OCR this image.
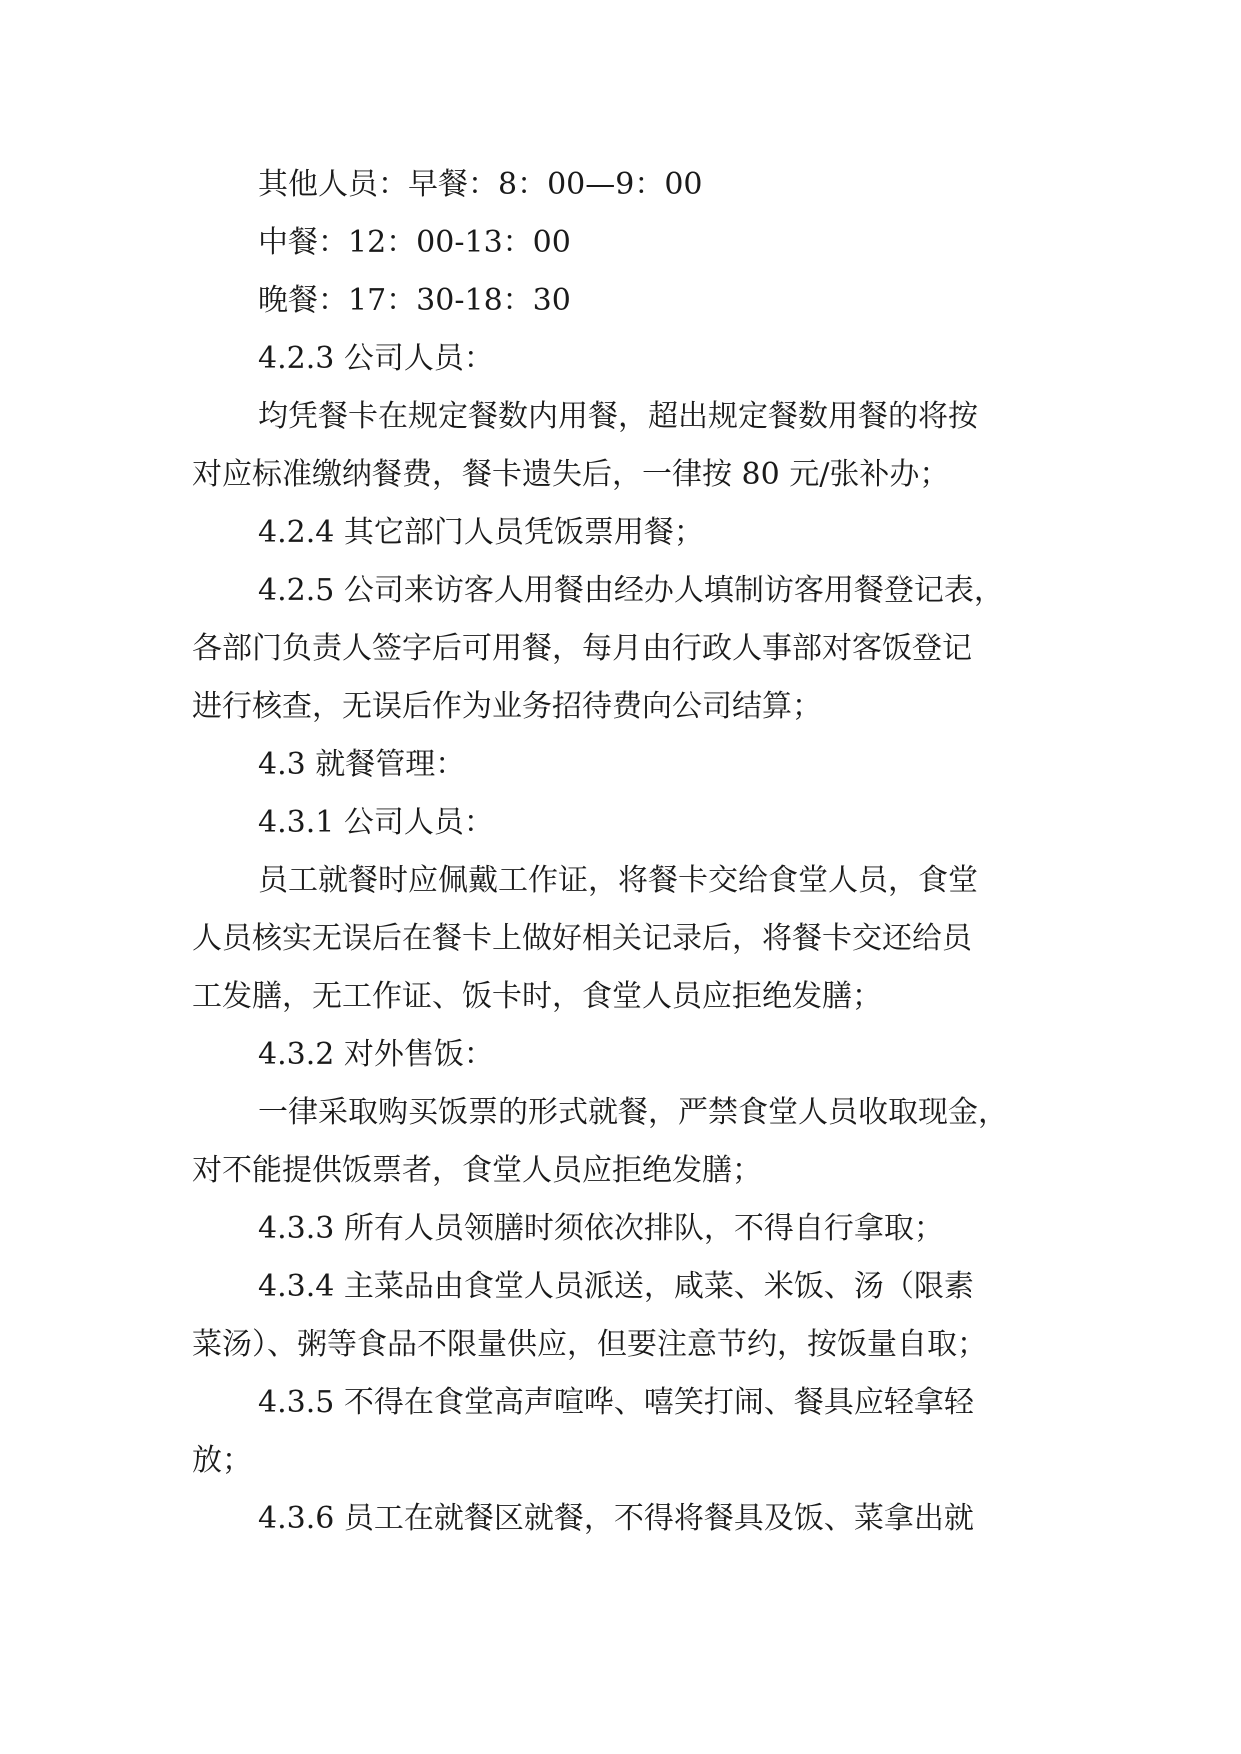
其他人员：早餐：8：00—9：00
中餐：12：00-13：00
晚餐：17：30-18：30
4.2.3 公司人员：
均凭餐卡在规定餐数内用餐，超出规定餐数用餐的将按
对应标准缴纳餐费，餐卡遗失后，一律按 80 元/张补办；
4.2.4 其它部门人员凭饭票用餐；
4.2.5 公司来访客人用餐由经办人填制访客用餐登记表，
各部门负责人签字后可用餐，每月由行政人事部对客饭登记
进行核查，无误后作为业务招待费向公司结算；
4.3 就餐管理：
4.3.1 公司人员：
员工就餐时应佩戴工作证，将餐卡交给食堂人员，食堂
人员核实无误后在餐卡上做好相关记录后，将餐卡交还给员
工发膳，无工作证、饭卡时，食堂人员应拒绝发膳；
4.3.2 对外售饭：
一律采取购买饭票的形式就餐，严禁食堂人员收取现金，
对不能提供饭票者，食堂人员应拒绝发膳；
4.3.3 所有人员领膳时须依次排队，不得自行拿取；
4.3.4 主菜品由食堂人员派送，咸菜、米饭、汤（限素
菜汤）、粥等食品不限量供应，但要注意节约，按饭量自取；
4.3.5 不得在食堂高声喧哗、嘻笑打闹、餐具应轻拿轻
放；
4.3.6 员工在就餐区就餐，不得将餐具及饭、菜拿出就
